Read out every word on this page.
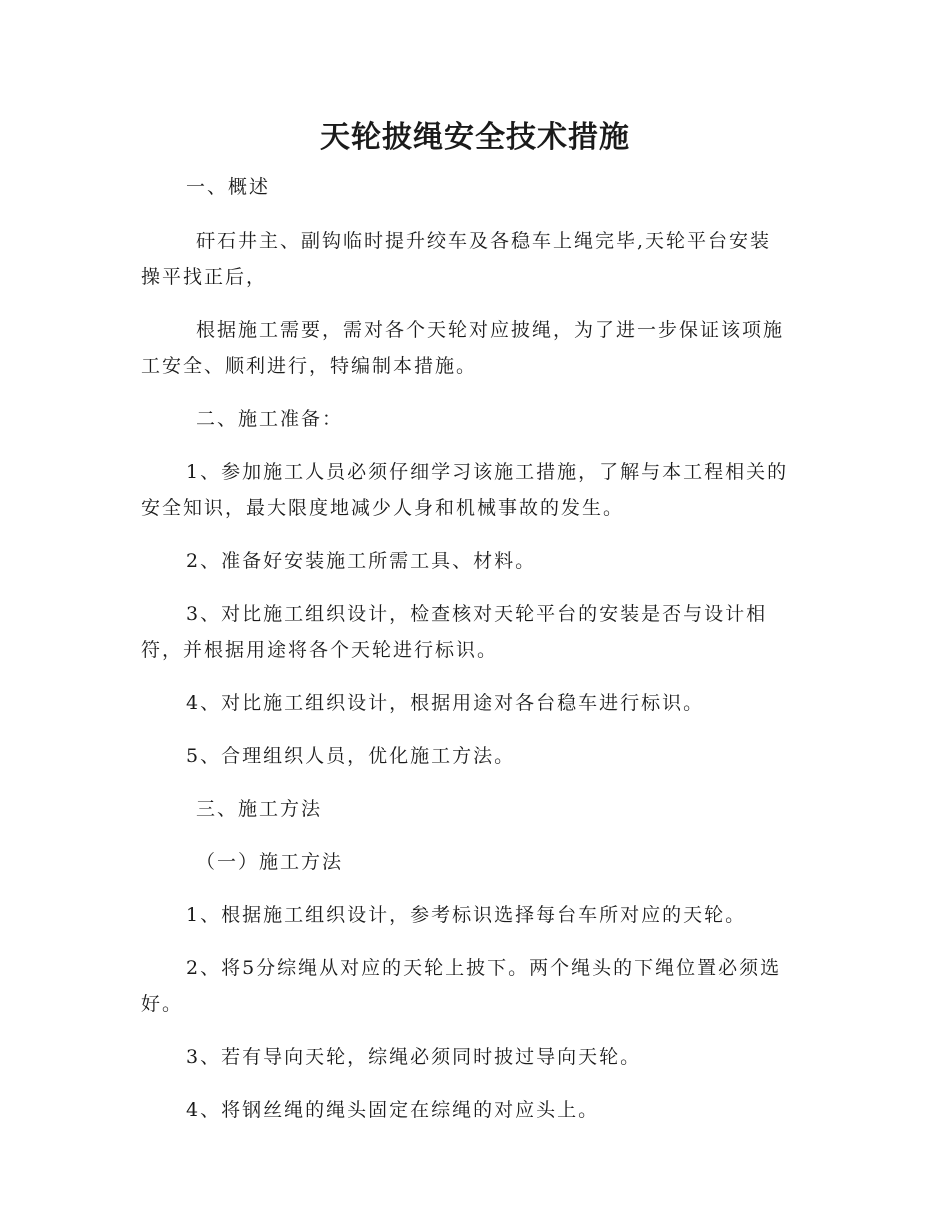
天轮披绳安全技术措施
一、概述
矸石井主、副钩临时提升绞车及各稳车上绳完毕,天轮平台安装
操平找正后，
根据施工需要，需对各个天轮对应披绳，为了进一步保证该项施
工安全、顺利进行，特编制本措施。
二、施工准备：
1、参加施工人员必须仔细学习该施工措施，了解与本工程相关的
安全知识，最大限度地减少人身和机械事故的发生。
2、准备好安装施工所需工具、材料。
3、对比施工组织设计，检查核对天轮平台的安装是否与设计相
符，并根据用途将各个天轮进行标识。
4、对比施工组织设计，根据用途对各台稳车进行标识。
5、合理组织人员，优化施工方法。
三、施工方法
（一）施工方法
1、根据施工组织设计，参考标识选择每台车所对应的天轮。
2、将5分综绳从对应的天轮上披下。两个绳头的下绳位置必须选
好。
3、若有导向天轮，综绳必须同时披过导向天轮。
4、将钢丝绳的绳头固定在综绳的对应头上。
